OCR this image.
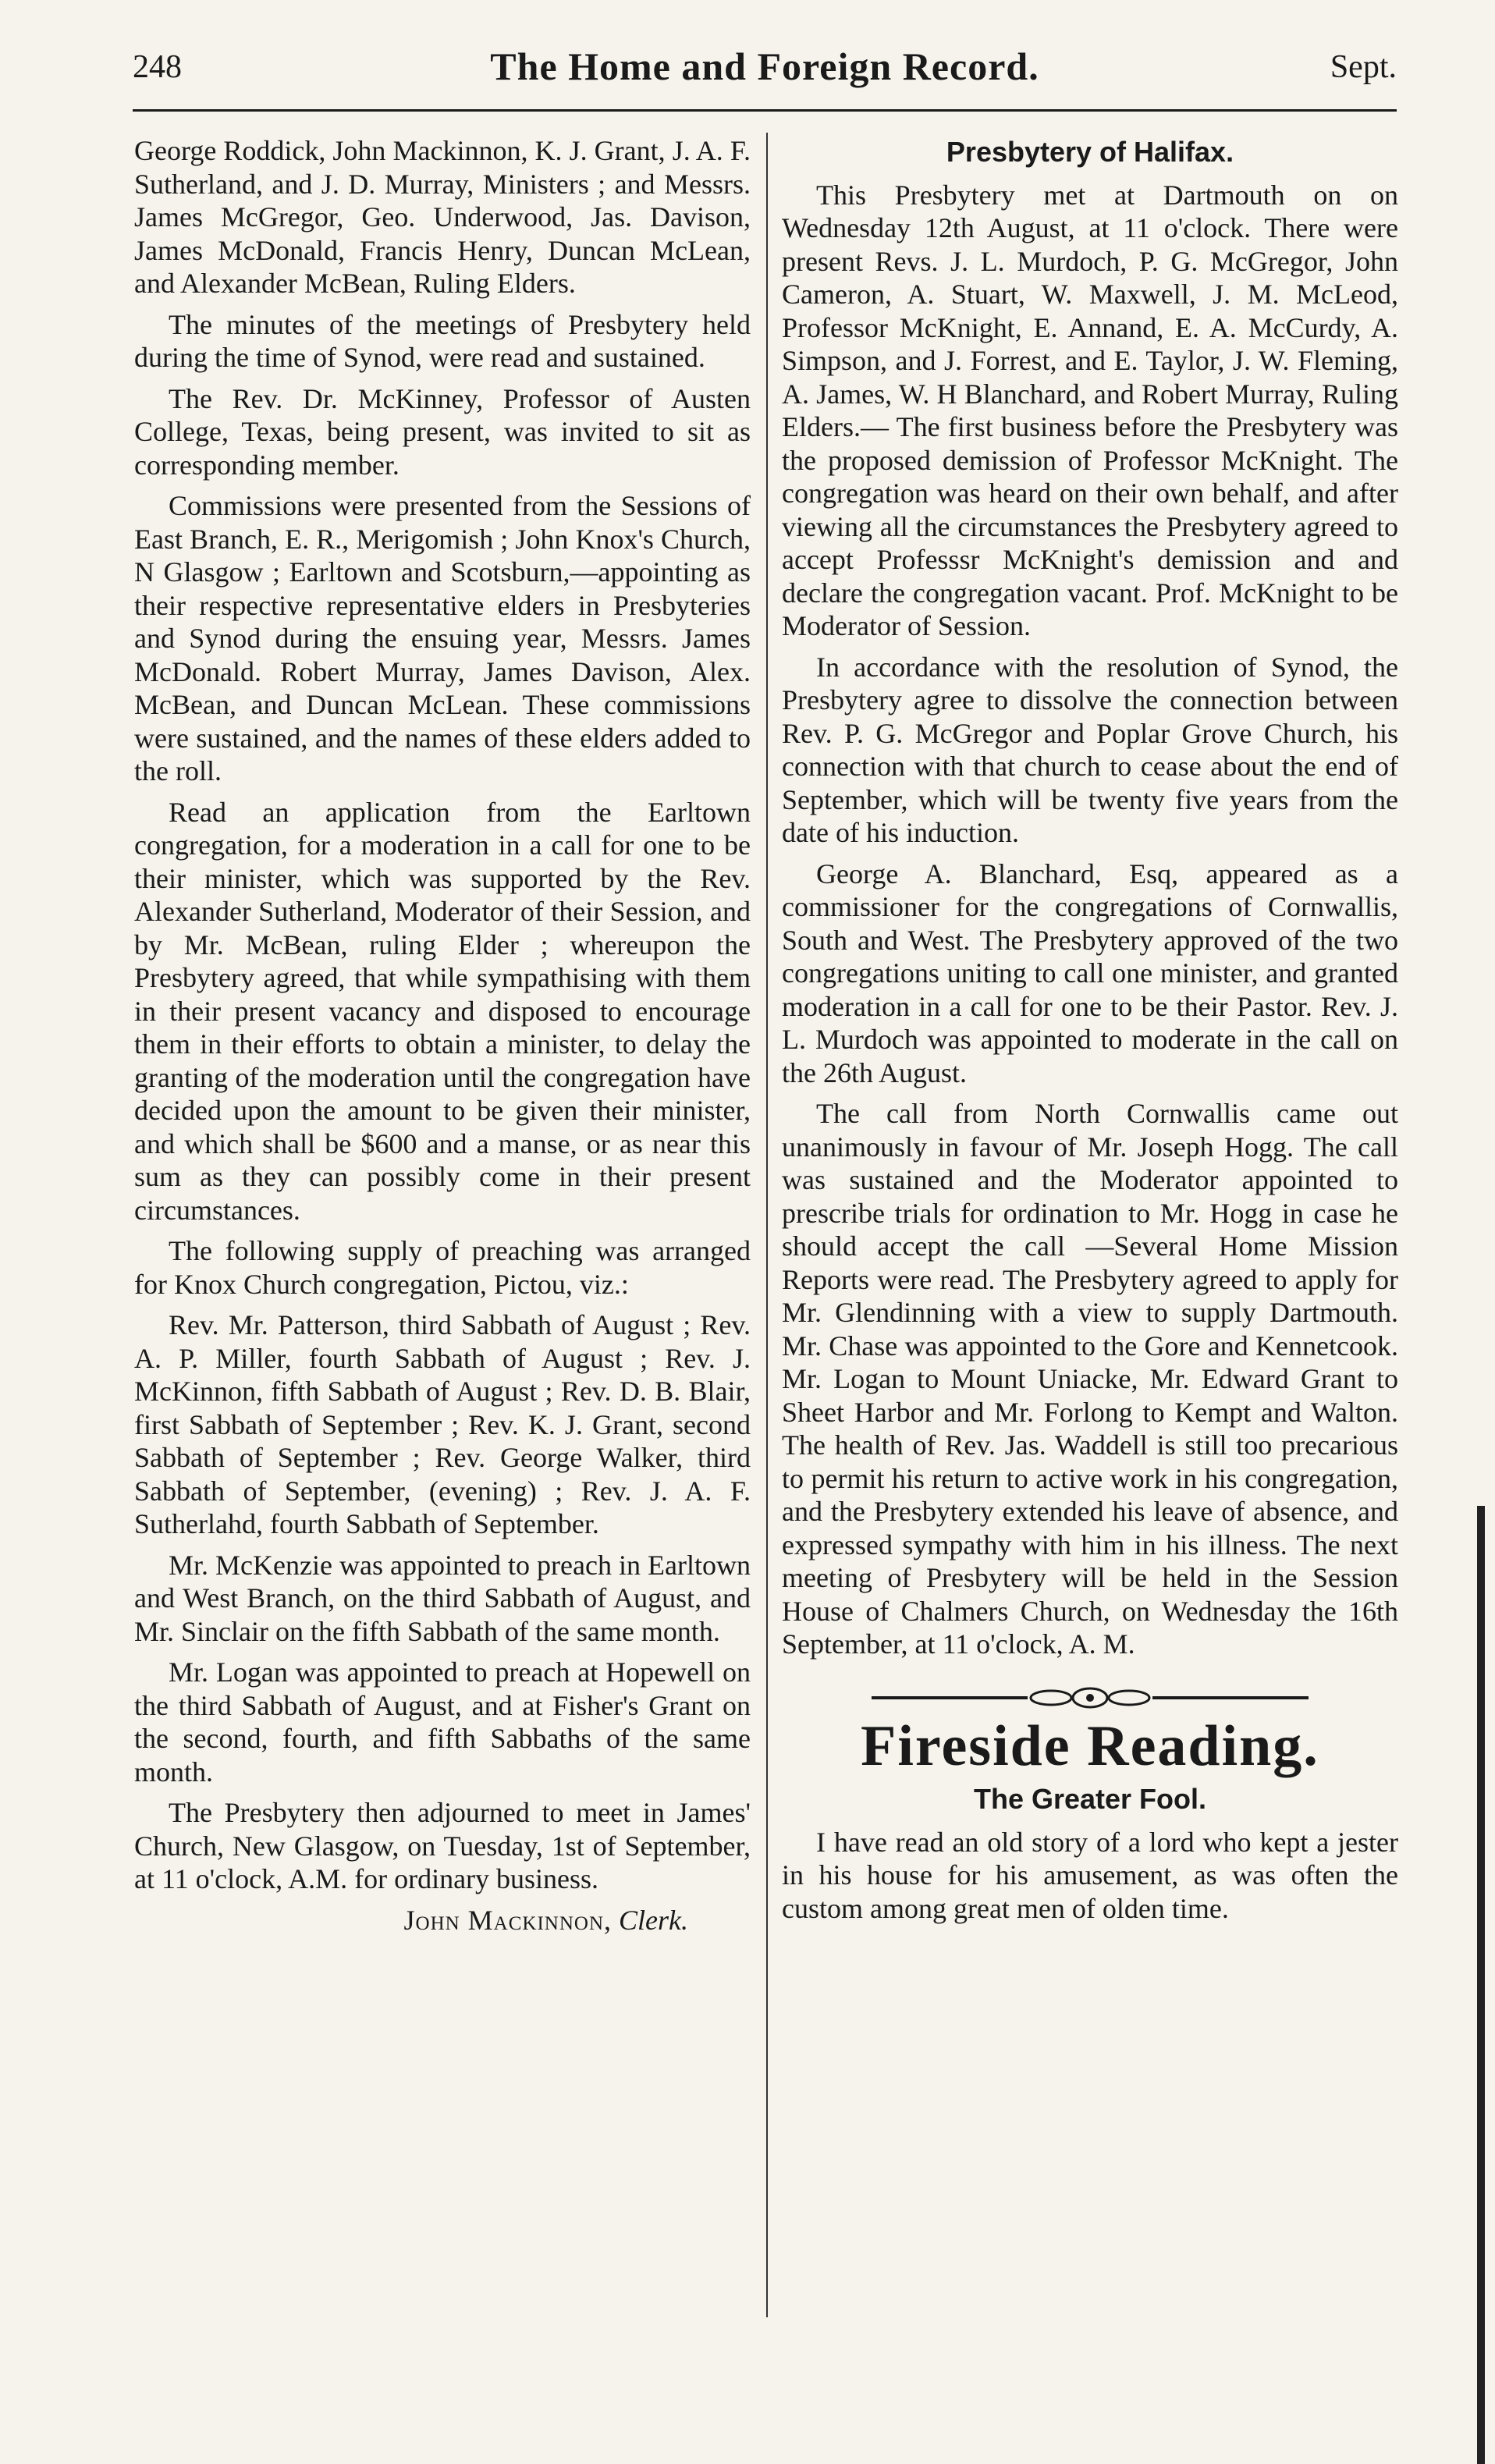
248	The Home and Foreign Record.	Sept.

George Roddick, John Mackinnon, K. J. Grant, J. A. F. Sutherland, and J. D. Murray, Ministers ; and Messrs. James McGregor, Geo. Underwood, Jas. Davison, James McDonald, Francis Henry, Duncan McLean, and Alexander McBean, Ruling Elders.

The minutes of the meetings of Presbytery held during the time of Synod, were read and sustained.

The Rev. Dr. McKinney, Professor of Austen College, Texas, being present, was invited to sit as corresponding member.

Commissions were presented from the Sessions of East Branch, E. R., Merigomish ; John Knox's Church, N Glasgow ; Earltown and Scotsburn,—appointing as their respective representative elders in Presbyteries and Synod during the ensuing year, Messrs. James McDonald. Robert Murray, James Davison, Alex. McBean, and Duncan McLean. These commissions were sustained, and the names of these elders added to the roll.

Read an application from the Earltown congregation, for a moderation in a call for one to be their minister, which was supported by the Rev. Alexander Sutherland, Moderator of their Session, and by Mr. McBean, ruling Elder ; whereupon the Presbytery agreed, that while sympathising with them in their present vacancy and disposed to encourage them in their efforts to obtain a minister, to delay the granting of the moderation until the congregation have decided upon the amount to be given their minister, and which shall be $600 and a manse, or as near this sum as they can possibly come in their present circumstances.

The following supply of preaching was arranged for Knox Church congregation, Pictou, viz.:

Rev. Mr. Patterson, third Sabbath of August ; Rev. A. P. Miller, fourth Sabbath of August ; Rev. J. McKinnon, fifth Sabbath of August ; Rev. D. B. Blair, first Sabbath of September ; Rev. K. J. Grant, second Sabbath of September ; Rev. George Walker, third Sabbath of September, (evening) ; Rev. J. A. F. Sutherlahd, fourth Sabbath of September.

Mr. McKenzie was appointed to preach in Earltown and West Branch, on the third Sabbath of August, and Mr. Sinclair on the fifth Sabbath of the same month.

Mr. Logan was appointed to preach at Hopewell on the third Sabbath of August, and at Fisher's Grant on the second, fourth, and fifth Sabbaths of the same month.

The Presbytery then adjourned to meet in James' Church, New Glasgow, on Tuesday, 1st of September, at 11 o'clock, A.M. for ordinary business.

John Mackinnon, Clerk.
Presbytery of Halifax.

This Presbytery met at Dartmouth on on Wednesday 12th August, at 11 o'clock. There were present Revs. J. L. Murdoch, P. G. McGregor, John Cameron, A. Stuart, W. Maxwell, J. M. McLeod, Professor McKnight, E. Annand, E. A. McCurdy, A. Simpson, and J. Forrest, and E. Taylor, J. W. Fleming, A. James, W. H Blanchard, and Robert Murray, Ruling Elders.— The first business before the Presbytery was the proposed demission of Professor McKnight. The congregation was heard on their own behalf, and after viewing all the circumstances the Presbytery agreed to accept Professsr McKnight's demission and and declare the congregation vacant. Prof. McKnight to be Moderator of Session.

In accordance with the resolution of Synod, the Presbytery agree to dissolve the connection between Rev. P. G. McGregor and Poplar Grove Church, his connection with that church to cease about the end of September, which will be twenty five years from the date of his induction.

George A. Blanchard, Esq, appeared as a commissioner for the congregations of Cornwallis, South and West. The Presbytery approved of the two congregations uniting to call one minister, and granted moderation in a call for one to be their Pastor. Rev. J. L. Murdoch was appointed to moderate in the call on the 26th August.

The call from North Cornwallis came out unanimously in favour of Mr. Joseph Hogg. The call was sustained and the Moderator appointed to prescribe trials for ordination to Mr. Hogg in case he should accept the call —Several Home Mission Reports were read. The Presbytery agreed to apply for Mr. Glendinning with a view to supply Dartmouth. Mr. Chase was appointed to the Gore and Kennetcook. Mr. Logan to Mount Uniacke, Mr. Edward Grant to Sheet Harbor and Mr. Forlong to Kempt and Walton. The health of Rev. Jas. Waddell is still too precarious to permit his return to active work in his congregation, and the Presbytery extended his leave of absence, and expressed sympathy with him in his illness. The next meeting of Presbytery will be held in the Session House of Chalmers Church, on Wednesday the 16th September, at 11 o'clock, A. M.

Fireside Reading.
The Greater Fool.

I have read an old story of a lord who kept a jester in his house for his amusement, as was often the custom among great men of olden time.
